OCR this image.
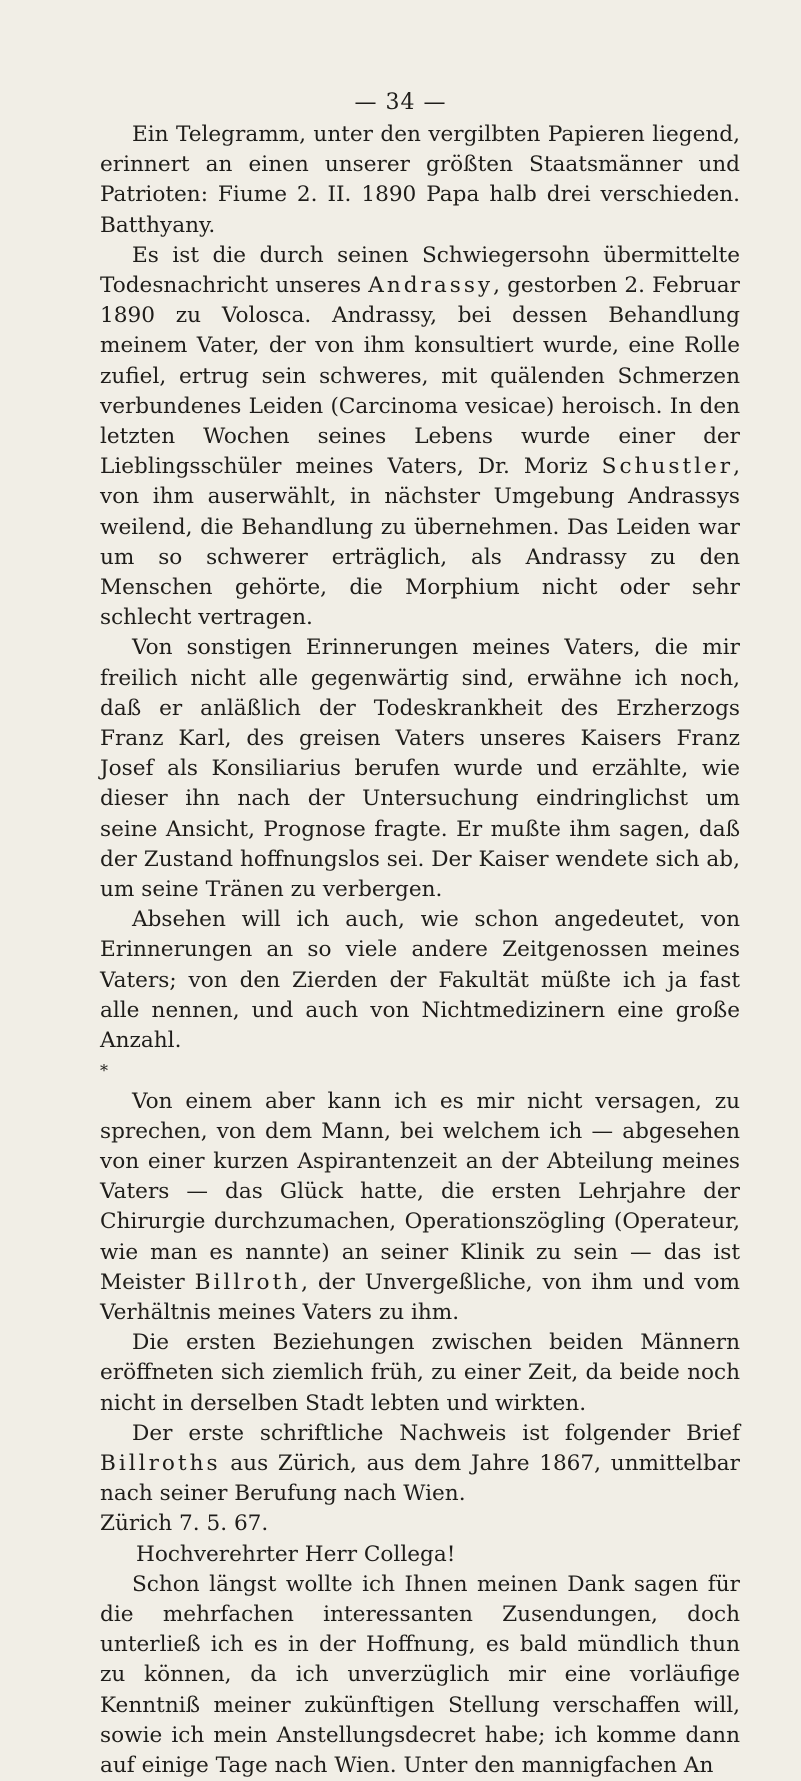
— 34 —

Ein Telegramm, unter den vergilbten Papieren liegend, erinnert an einen unserer größten Staatsmänner und Patrioten: Fiume 2. II. 1890 Papa halb drei verschieden. Batthyany.

Es ist die durch seinen Schwiegersohn übermittelte Todesnachricht unseres Andrassy, gestorben 2. Februar 1890 zu Volosca. Andrassy, bei dessen Behandlung meinem Vater, der von ihm konsultiert wurde, eine Rolle zufiel, ertrug sein schweres, mit quälenden Schmerzen verbundenes Leiden (Carcinoma vesicae) heroisch. In den letzten Wochen seines Lebens wurde einer der Lieblingsschüler meines Vaters, Dr. Moriz Schustler, von ihm auserwählt, in nächster Umgebung Andrassys weilend, die Behandlung zu übernehmen. Das Leiden war um so schwerer erträglich, als Andrassy zu den Menschen gehörte, die Morphium nicht oder sehr schlecht vertragen.

Von sonstigen Erinnerungen meines Vaters, die mir freilich nicht alle gegenwärtig sind, erwähne ich noch, daß er anläßlich der Todeskrankheit des Erzherzogs Franz Karl, des greisen Vaters unseres Kaisers Franz Josef als Konsiliarius berufen wurde und erzählte, wie dieser ihn nach der Untersuchung eindringlichst um seine Ansicht, Prognose fragte. Er mußte ihm sagen, daß der Zustand hoffnungslos sei. Der Kaiser wendete sich ab, um seine Tränen zu verbergen.

Absehen will ich auch, wie schon angedeutet, von Erinnerungen an so viele andere Zeitgenossen meines Vaters; von den Zierden der Fakultät müßte ich ja fast alle nennen, und auch von Nichtmedizinern eine große Anzahl.

*

Von einem aber kann ich es mir nicht versagen, zu sprechen, von dem Mann, bei welchem ich — abgesehen von einer kurzen Aspirantenzeit an der Abteilung meines Vaters — das Glück hatte, die ersten Lehrjahre der Chirurgie durchzumachen, Operationszögling (Operateur, wie man es nannte) an seiner Klinik zu sein — das ist Meister Billroth, der Unvergeßliche, von ihm und vom Verhältnis meines Vaters zu ihm.

Die ersten Beziehungen zwischen beiden Männern eröffneten sich ziemlich früh, zu einer Zeit, da beide noch nicht in derselben Stadt lebten und wirkten.

Der erste schriftliche Nachweis ist folgender Brief Billroths aus Zürich, aus dem Jahre 1867, unmittelbar nach seiner Berufung nach Wien.

Zürich 7. 5. 67.

Hochverehrter Herr Collega!

Schon längst wollte ich Ihnen meinen Dank sagen für die mehrfachen interessanten Zusendungen, doch unterließ ich es in der Hoffnung, es bald mündlich thun zu können, da ich unverzüglich mir eine vorläufige Kenntniß meiner zukünftigen Stellung verschaffen will, sowie ich mein Anstellungsdecret habe; ich komme dann auf einige Tage nach Wien. Unter den mannigfachen An
